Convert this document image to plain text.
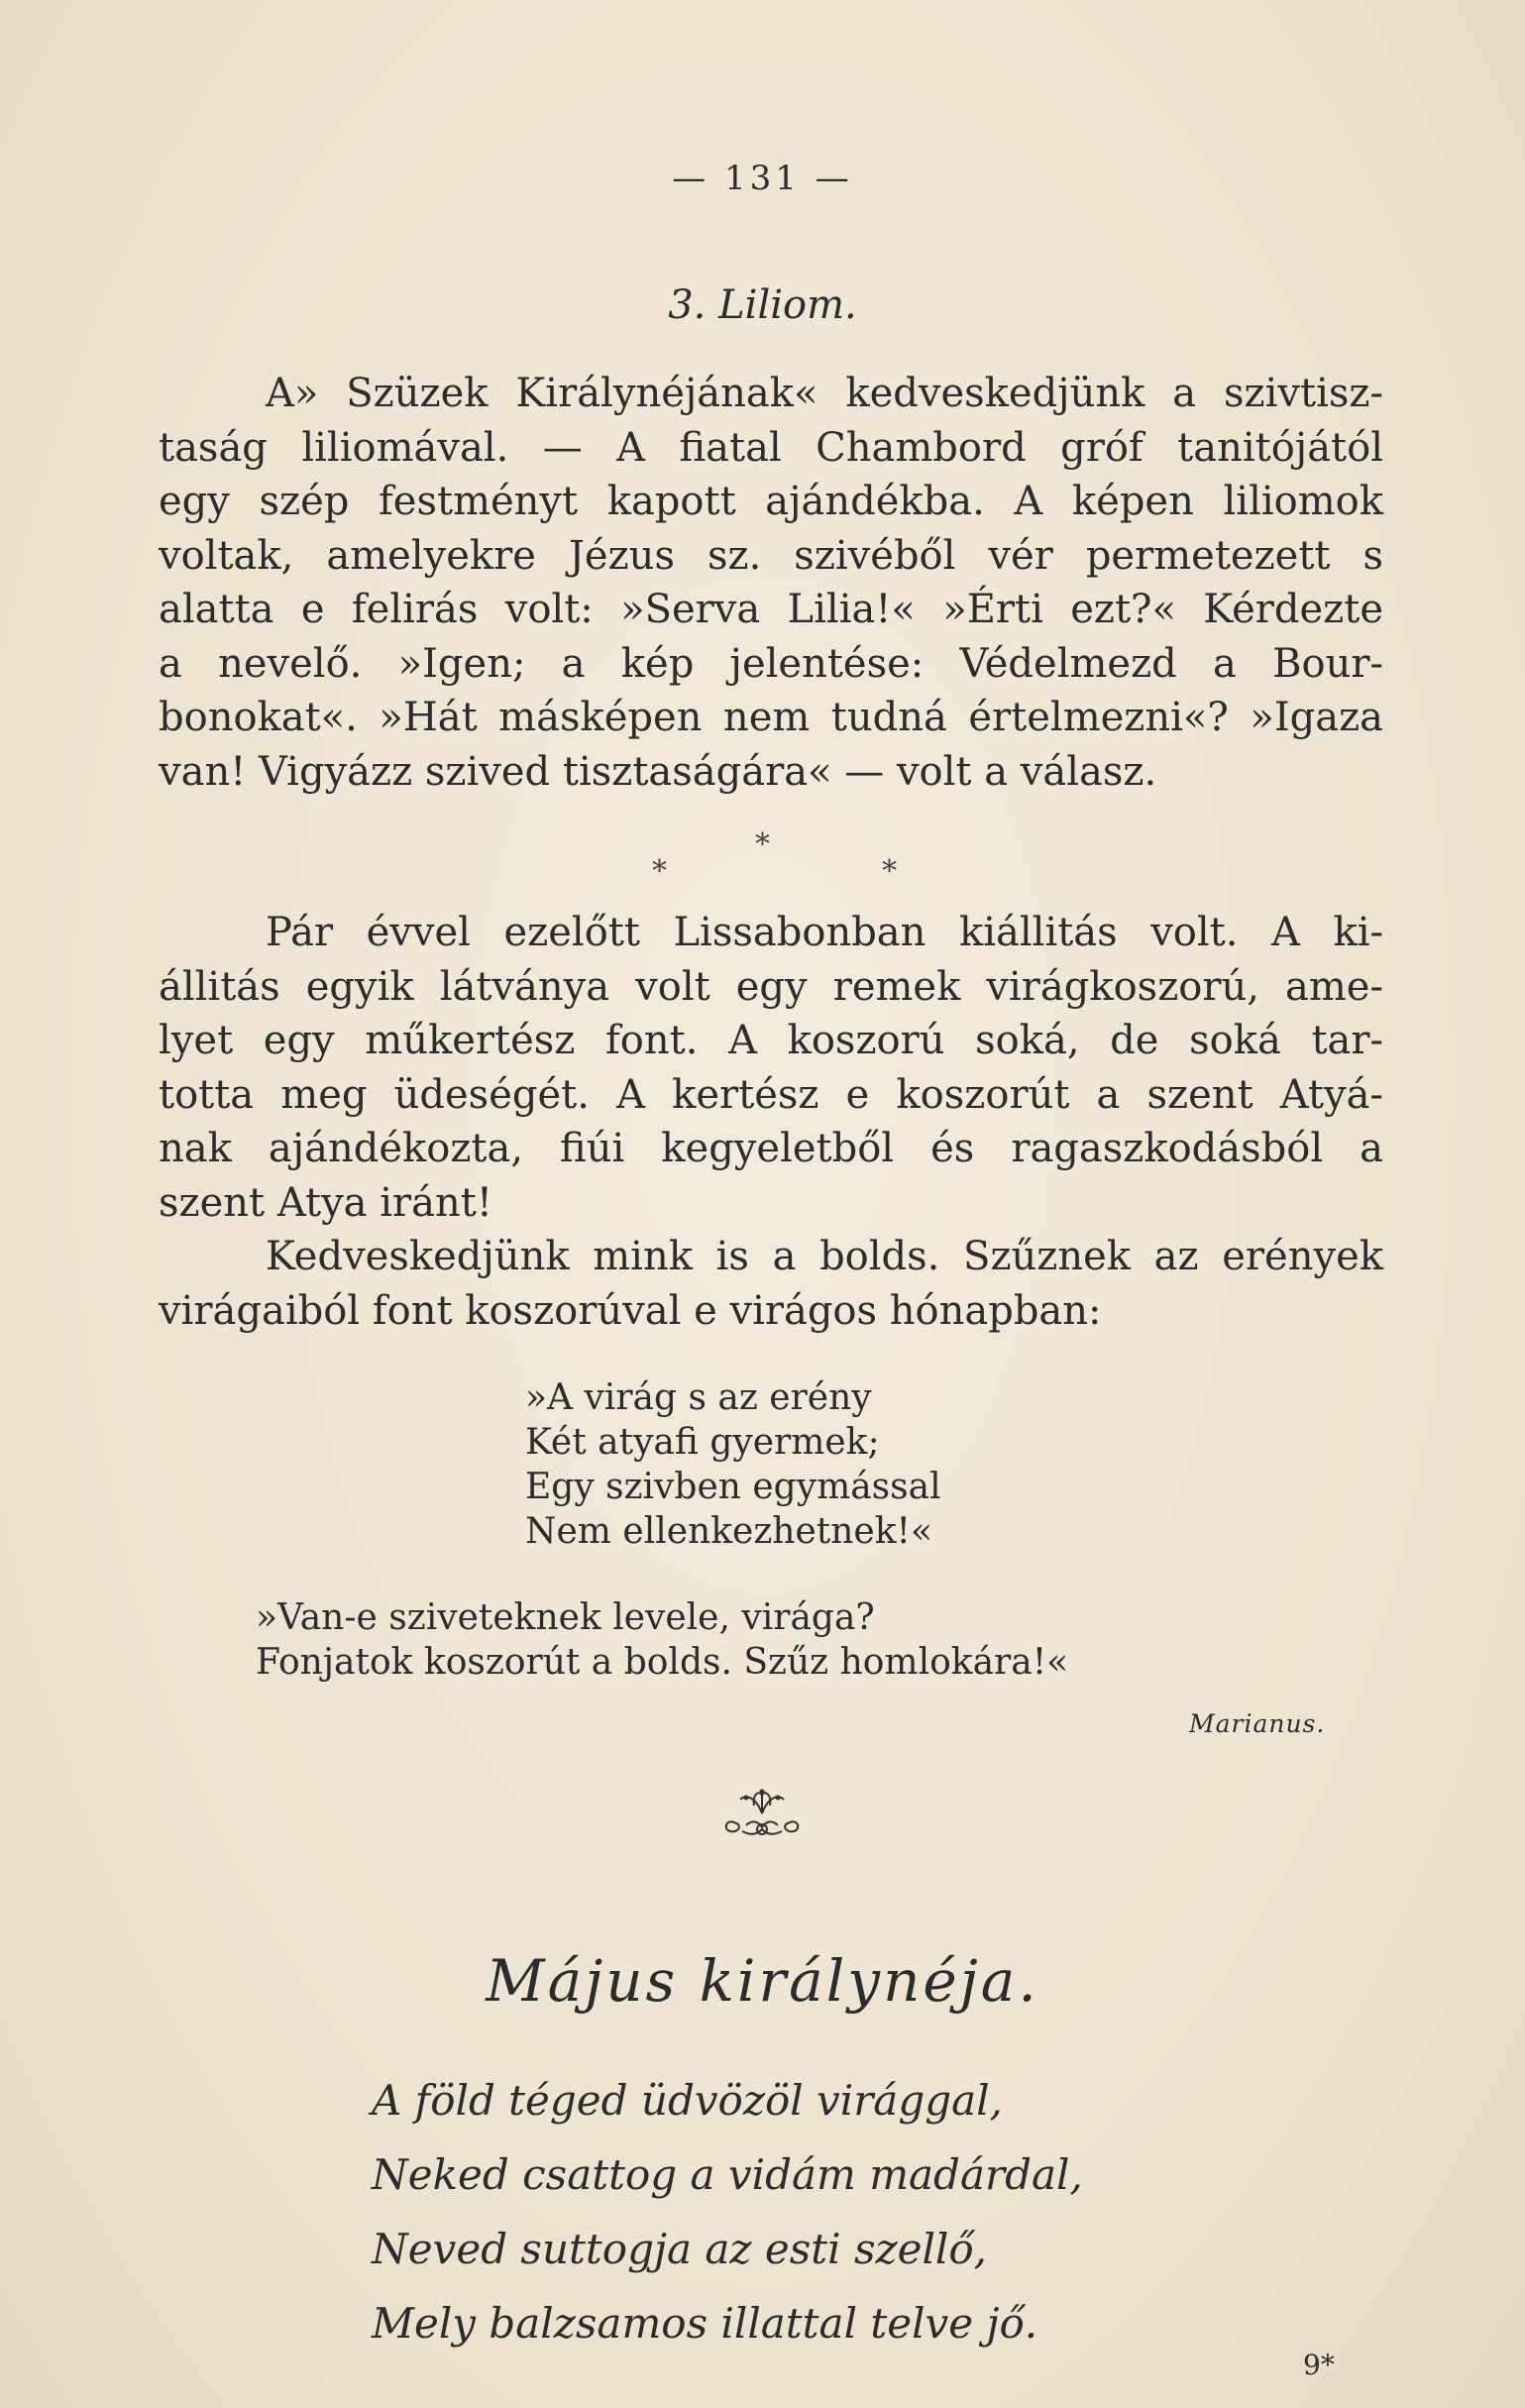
— 131 —
3. Liliom.
A» Szüzek Királynéjának« kedveskedjünk a szivtisz-
taság liliomával. — A fiatal Chambord gróf tanitójától
egy szép festményt kapott ajándékba. A képen liliomok
voltak, amelyekre Jézus sz. szivéből vér permetezett s
alatta e felirás volt: »Serva Lilia!« »Érti ezt?« Kérdezte
a nevelő. »Igen; a kép jelentése: Védelmezd a Bour-
bonokat«. »Hát másképen nem tudná értelmezni«? »Igaza
van! Vigyázz szived tisztaságára« — volt a válasz.
*
*	*
Pár évvel ezelőtt Lissabonban kiállitás volt. A ki-
állitás egyik látványa volt egy remek virágkoszorú, ame-
lyet egy műkertész font. A koszorú soká, de soká tar-
totta meg üdeségét. A kertész e koszorút a szent Atyá-
nak ajándékozta, fiúi kegyeletből és ragaszkodásból a
szent Atya iránt!
Kedveskedjünk mink is a bolds. Szűznek az erények
virágaiból font koszorúval e virágos hónapban:
»A virág s az erény
Két atyafi gyermek;
Egy szivben egymással
Nem ellenkezhetnek!«
»Van-e sziveteknek levele, virága?
Fonjatok koszorút a bolds. Szűz homlokára!«
Marianus.
Május királynéja.
A föld téged üdvözöl virággal,
Neked csattog a vidám madárdal,
Neved suttogja az esti szellő,
Mely balzsamos illattal telve jő.
9*
